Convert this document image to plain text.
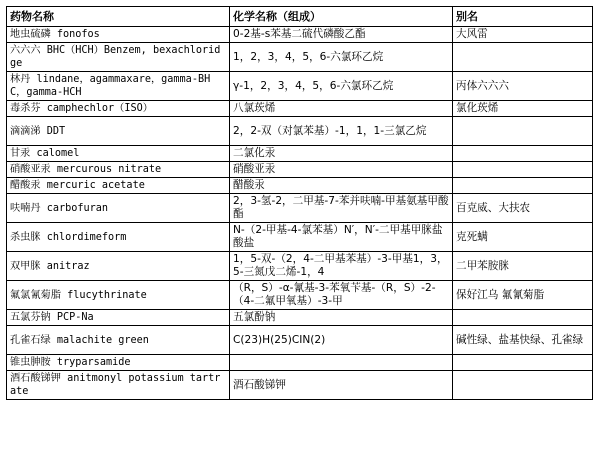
药物名称	化学名称（组成）	别名
地虫硫磷 fonofos	0-2基-s苯基二硫代磷酸乙酯	大风雷
六六六 BHC（HCH）Benzem, bexachloridge	1，2，3，4，5，6-六氯环乙烷	
林丹 lindane，agammaxare，gamma-BHC，gamma-HCH	γ-1，2，3，4，5，6-六氯环乙烷	丙体六六六
毒杀芬 camphechlor（ISO）	八氯莰烯	氯化莰烯
滴滴涕 DDT	2，2-双（对氯苯基）-1，1，1-三氯乙烷	
甘汞 calomel	二氯化汞	
硝酸亚汞 mercurous nitrate	硝酸亚汞	
醋酸汞 mercuric acetate	醋酸汞	
呋喃丹 carbofuran	2，3-氢-2，二甲基-7-苯并呋喃-甲基氨基甲酸酯	百克威、大扶农
杀虫脒 chlordimeform	N-（2-甲基-4-氯苯基）N′，N′-二甲基甲脒盐酸盐	克死螨
双甲脒 anitraz	1，5-双-（2，4-二甲基苯基）-3-甲基1，3，5-三氮戊二烯-1，4	二甲苯胺脒
氟氯氰菊脂 flucythrinate	（R，S）-α-氰基-3-苯氧苄基-（R，S）-2-（4-二氟甲氧基）-3-甲	保好江乌 氟氰菊脂
五氯芬钠 PCP-Na	五氯酚钠	
孔雀石绿 malachite green	C(23)H(25)CIN(2)	碱性绿、盐基快绿、孔雀绿
锥虫胂胺 tryparsamide		
酒石酸锑钾 anitmonyl potassium tartrate	酒石酸锑钾	
